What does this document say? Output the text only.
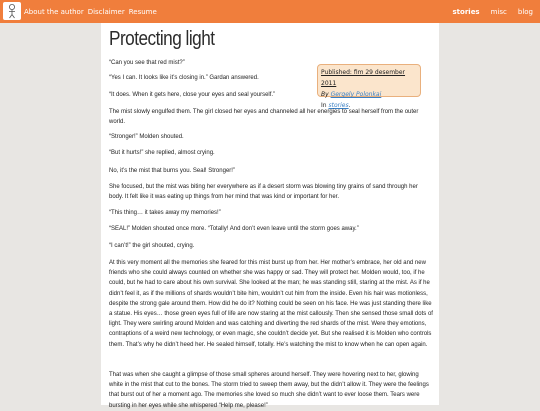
About the author Disclaimer Resume	stories misc blog
Protecting light
Published: fim 29 desember 2011
By Gergely Polonkai
In stories.

“Can you see that red mist?”

“Yes I can. It looks like it’s closing in.” Gardan answered.

“It does. When it gets here, close your eyes and seal yourself.”

The mist slowly engulfed them. The girl closed her eyes and channeled all her energies to seal herself from the outer world.

“Stronger!” Molden shouted.

“But it hurts!” she replied, almost crying.

No, it’s the mist that burns you. Seal! Stronger!”

She focused, but the mist was biting her everywhere as if a desert storm was blowing tiny grains of sand through her body. It felt like it was eating up things from her mind that was kind or important for her.

“This thing… it takes away my memories!”

“SEAL!” Molden shouted once more. “Totally! And don’t even leave until the storm goes away.”

“I can’t!” the girl shouted, crying.

At this very moment all the memories she feared for this mist burst up from her. Her mother’s embrace, her old and new friends who she could always counted on whether she was happy or sad. They will protect her. Molden would, too, if he could, but he had to care about his own survival. She looked at the man; he was standing still, staring at the mist. As if he didn’t feel it, as if the millions of shards wouldn’t bite him, wouldn’t cut him from the inside. Even his hair was motionless, despite the strong gale around them. How did he do it? Nothing could be seen on his face. He was just standing there like a statue. His eyes… those green eyes full of life are now staring at the mist callously. Then she sensed those small dots of light. They were swirling around Molden and was catching and diverting the red shards of the mist. Were they emotions, contraptions of a weird new technology, or even magic, she couldn’t decide yet. But she realised it is Molden who controls them. That’s why he didn’t heed her. He sealed himself, totally. He’s watching the mist to know when he can open again.

That was when she caught a glimpse of those small spheres around herself. They were hovering next to her, glowing white in the mist that cut to the bones. The storm tried to sweep them away, but the didn’t allow it. They were the feelings that burst out of her a moment ago. The memories she loved so much she didn’t want to ever loose them. Tears were bursting in her eyes while she whispered “Help me, please!”
